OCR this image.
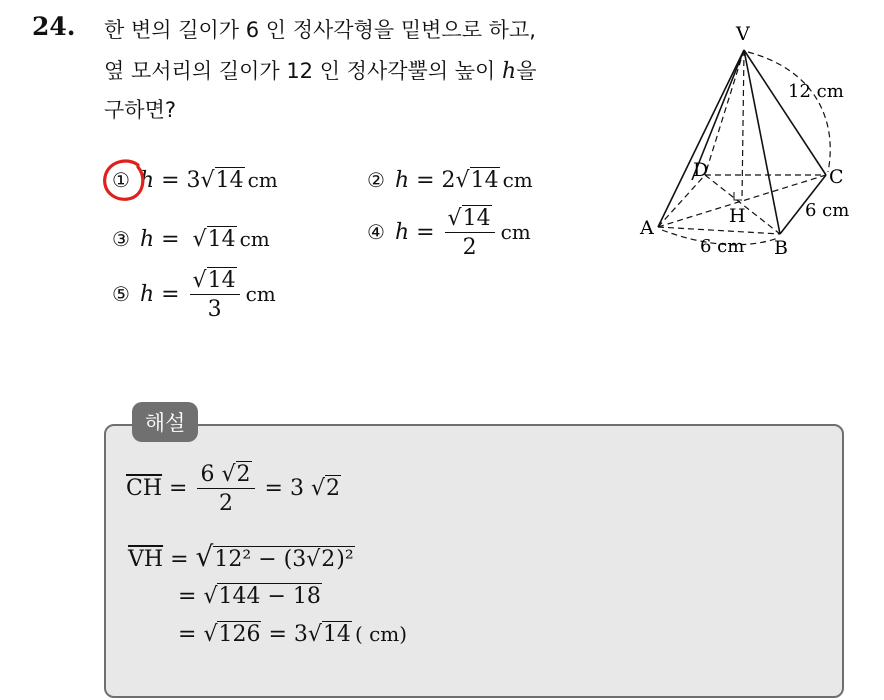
24. 한 변의 길이가 6 인 정사각형을 밑변으로 하고,
옆 모서리의 길이가 12 인 정사각뿔의 높이 h을
구하면?
① h = 3√14 cm	② h = 2√14 cm
③ h = √14 cm	④ $h = \frac{√14}{2}$ cm
⑤ $h = \frac{√14}{3}$ cm
V
A
B
C
D
H
12 cm
6 cm
6 cm
해설
$\overline{CH} = \frac{6 √2}{2} = 3$ √2
$\overline{VH} = √12^2 - (3√2)^2$
= √144 − 18
= √126 = 3√14 ( cm)
